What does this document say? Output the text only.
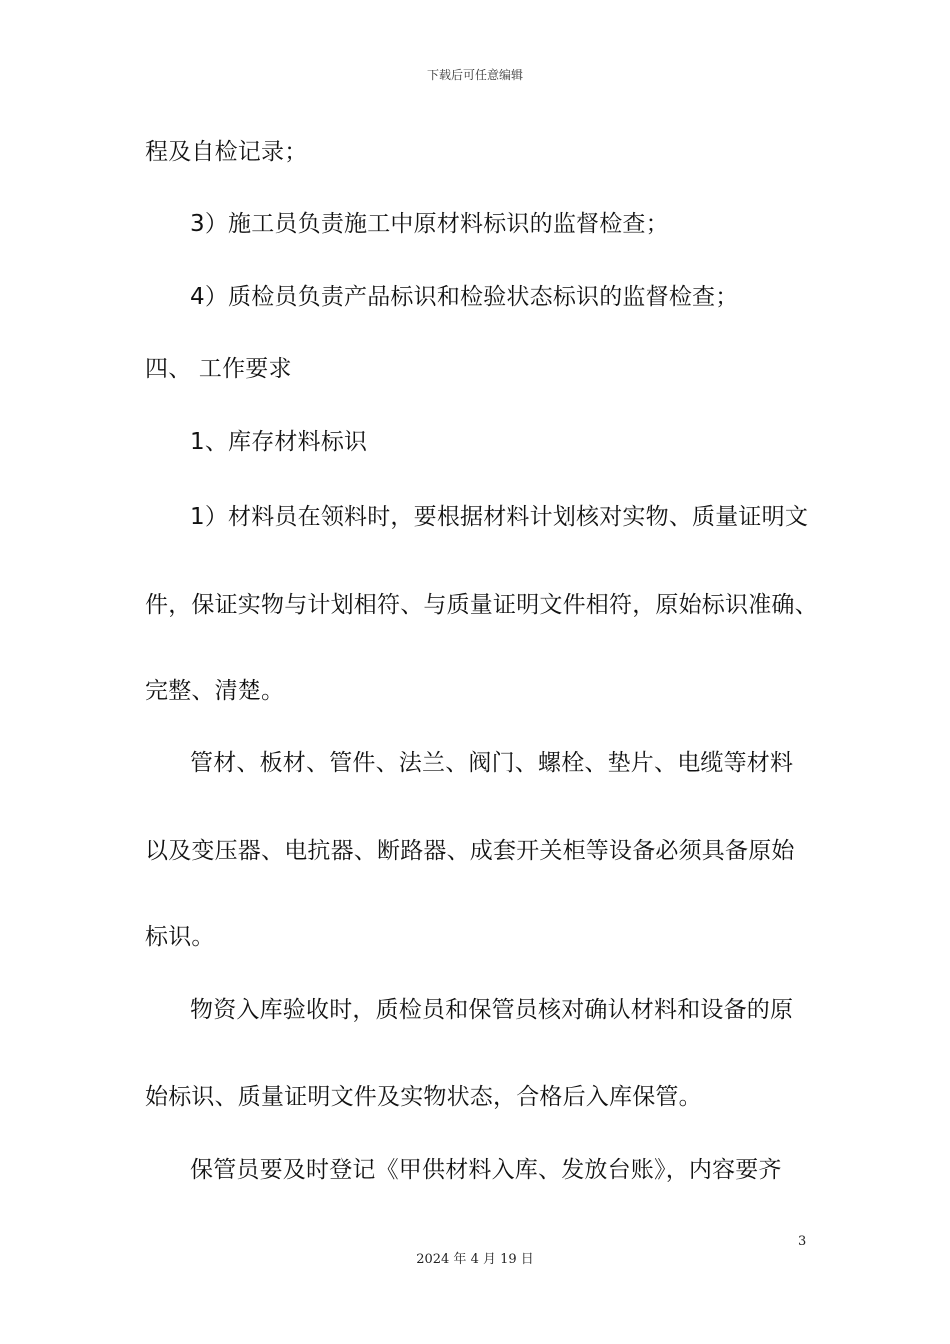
下载后可任意编辑
程及自检记录；
3）施工员负责施工中原材料标识的监督检查；
4）质检员负责产品标识和检验状态标识的监督检查；
四、 工作要求
1、库存材料标识
1）材料员在领料时，要根据材料计划核对实物、质量证明文
件，保证实物与计划相符、与质量证明文件相符，原始标识准确、
完整、清楚。
管材、板材、管件、法兰、阀门、螺栓、垫片、电缆等材料
以及变压器、电抗器、断路器、成套开关柜等设备必须具备原始
标识。
物资入库验收时，质检员和保管员核对确认材料和设备的原
始标识、质量证明文件及实物状态，合格后入库保管。
保管员要及时登记《甲供材料入库、发放台账》，内容要齐
3
2024 年 4 月 19 日
